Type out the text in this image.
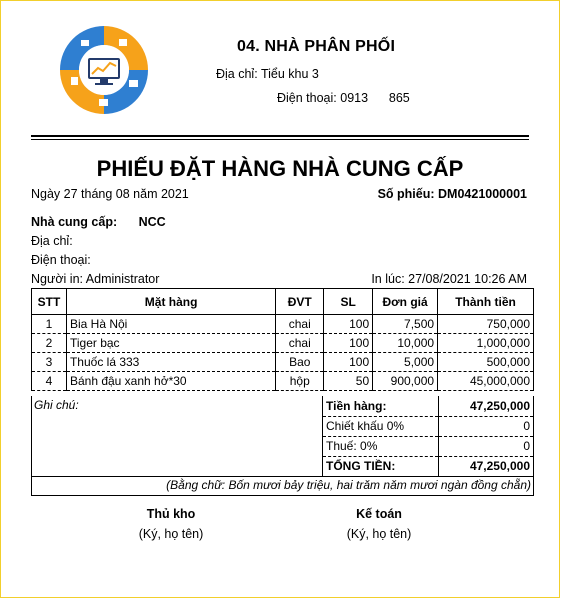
04. NHÀ PHÂN PHỐI
Địa chỉ: Tiểu khu 3
Điện thoại: 0913      865
PHIẾU ĐẶT HÀNG NHÀ CUNG CẤP
Ngày 27 tháng 08 năm 2021	Số phiếu: DM0421000001
Nhà cung cấp: NCC
Địa chỉ:
Điện thoại:
Người in: Administrator	In lúc: 27/08/2021 10:26 AM
STT	Mặt hàng	ĐVT	SL	Đơn giá	Thành tiền
1	Bia Hà Nội	chai	100	7,500	750,000
2	Tiger bạc	chai	100	10,000	1,000,000
3	Thuốc lá 333	Bao	100	5,000	500,000
4	Bánh đậu xanh hở*30	hộp	50	900,000	45,000,000
Ghi chú:	Tiền hàng:	47,250,000
Chiết khấu 0%	0
Thuế: 0%	0
TỔNG TIỀN:	47,250,000
(Bằng chữ: Bốn mươi bảy triệu, hai trăm năm mươi ngàn đồng chẵn)
Thủ kho
(Ký, họ tên)
Kế toán
(Ký, họ tên)
